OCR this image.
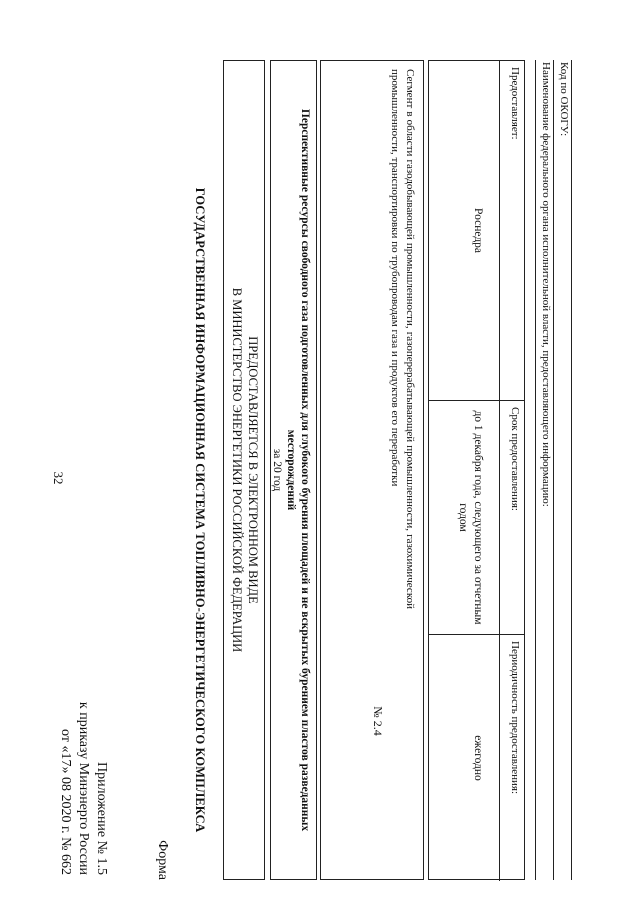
ГОСУДАРСТВЕННАЯ ИНФОРМАЦИОННАЯ СИСТЕМА ТОПЛИВНО-ЭНЕРГЕТИЧЕСКОГО КОМПЛЕКСА	ПРЕДОСТАВЛЯЕТСЯ В ЭЛЕКТРОННОМ ВИДЕ
В МИНИСТЕРСТВО ЭНЕРГЕТИКИ РОССИЙСКОЙ ФЕДЕРАЦИИ	Перспективные ресурсы свободного газа подготовленных для глубокого бурения площадей и не вскрытых бурением пластов разведанных месторождений
за 20 год	Сегмент в области газодобывающей промышленности, газоперерабатывающей промышленности, газохимической промышленности, транспортировки по трубопроводам газа и продуктов его переработки
№ 2.4
Предоставляет:
Роснедра
Срок предоставления:
до 1 декабря года, следующего за отчетным годом
Периодичность предоставления:
ежегодно
Наименование федерального органа исполнительной власти, предоставляющего информацию: Код по ОКОГУ:
Приложение № 1.5
к приказу Минэнерго России
от «17» 08 2020 г. № 662	Форма
32
